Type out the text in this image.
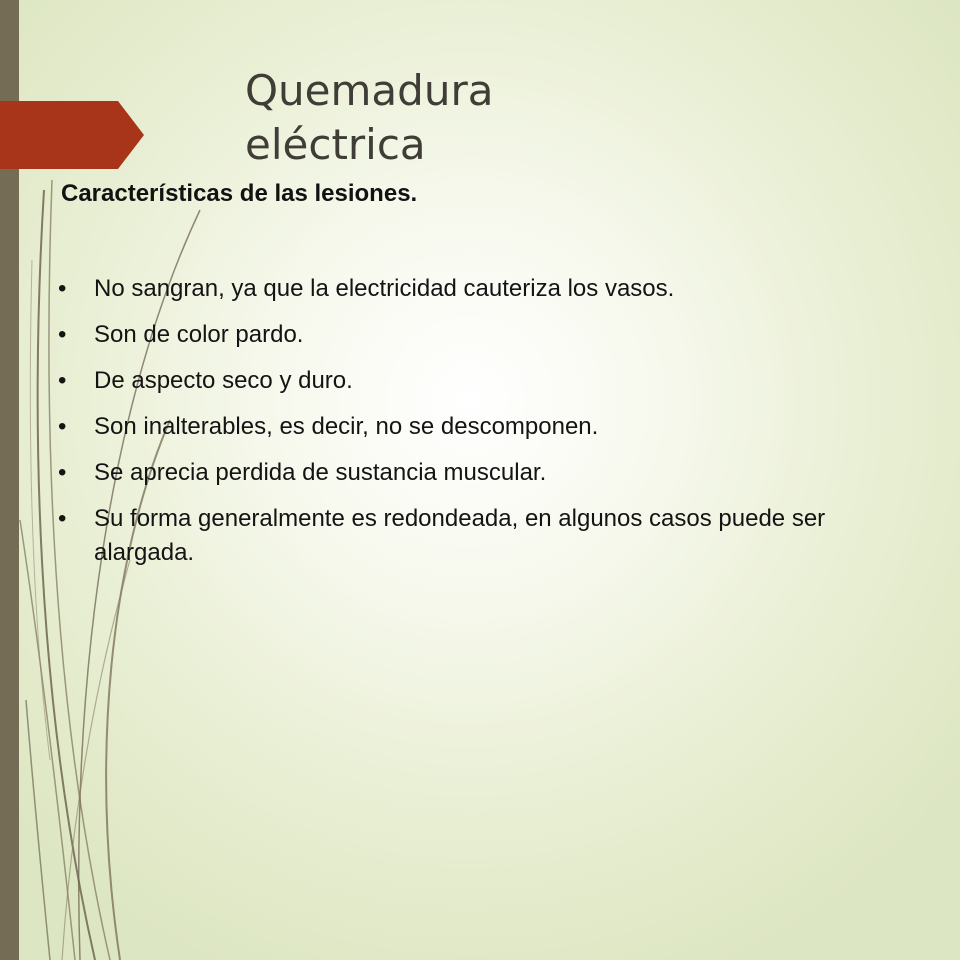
Quemadura eléctrica

Características de las lesiones.

•	No sangran, ya que la electricidad cauteriza los vasos.
•	Son de color pardo.
•	De aspecto seco y duro.
•	Son inalterables, es decir, no se descomponen.
•	Se aprecia perdida de sustancia muscular.
•	Su forma generalmente es redondeada, en algunos casos puede ser alargada.
